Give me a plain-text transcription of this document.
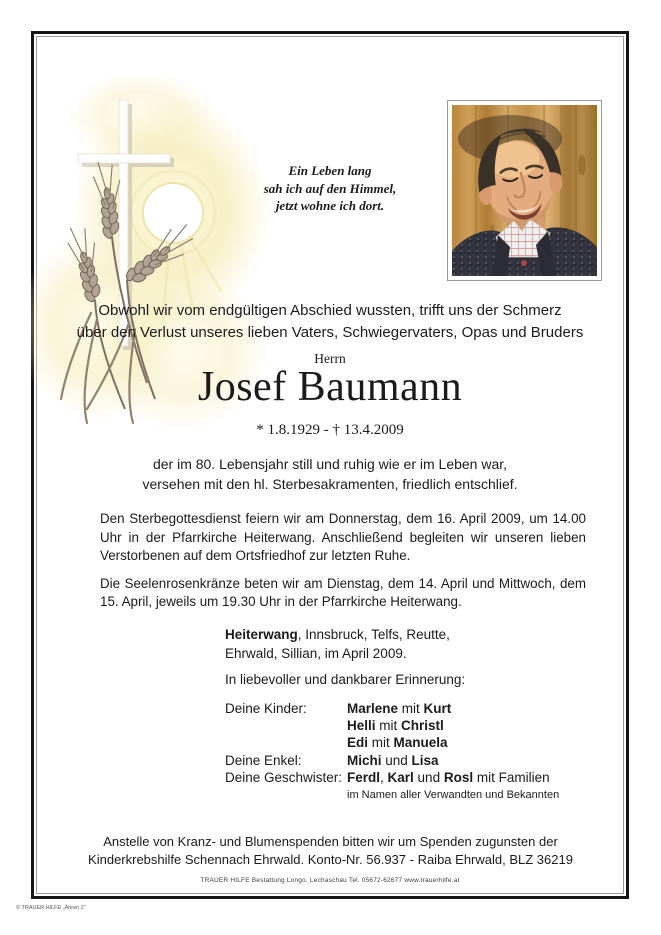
Ein Leben lang
sah ich auf den Himmel,
jetzt wohne ich dort.
Obwohl wir vom endgültigen Abschied wussten, trifft uns der Schmerz
über den Verlust unseres lieben Vaters, Schwiegervaters, Opas und Bruders
Herrn
Josef Baumann
* 1.8.1929 - † 13.4.2009
der im 80. Lebensjahr still und ruhig wie er im Leben war,
versehen mit den hl. Sterbesakramenten, friedlich entschlief.

Den Sterbegottesdienst feiern wir am Donnerstag, dem 16. April 2009, um 14.00 Uhr in der Pfarrkirche Heiterwang. Anschließend begleiten wir unseren lieben Verstorbenen auf dem Ortsfriedhof zur letzten Ruhe.

Die Seelenrosenkränze beten wir am Dienstag, dem 14. April und Mittwoch, dem 15. April, jeweils um 19.30 Uhr in der Pfarrkirche Heiterwang.

Heiterwang, Innsbruck, Telfs, Reutte,
Ehrwald, Sillian, im April 2009.
In liebevoller und dankbarer Erinnerung:
Deine Kinder:	Marlene mit Kurt
Helli mit Christl
Edi mit Manuela
Deine Enkel:	Michi und Lisa
Deine Geschwister: Ferdl, Karl und Rosl mit Familien
im Namen aller Verwandten und Bekannten
Anstelle von Kranz- und Blumenspenden bitten wir um Spenden zugunsten der Kinderkrebshilfe Schennach Ehrwald. Konto-Nr. 56.937 - Raiba Ehrwald, BLZ 36219
TRAUER HILFE Bestattung Longo. Lechaschau Tel. 05672-62677 www.trauerhilfe.at
© TRAUER HILFE „Ähren 2“
